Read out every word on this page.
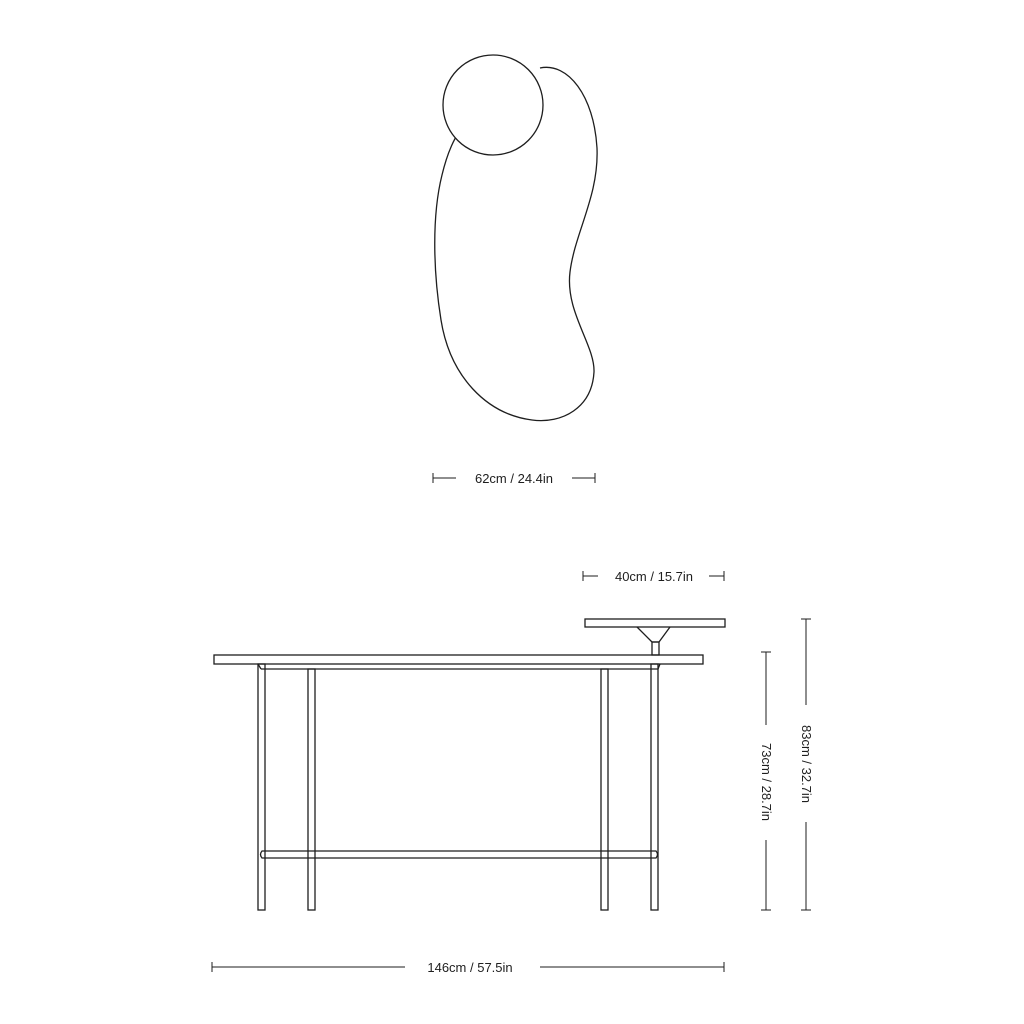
62cm / 24.4in
40cm / 15.7in
146cm / 57.5in
73cm / 28.7in 83cm / 32.7in
